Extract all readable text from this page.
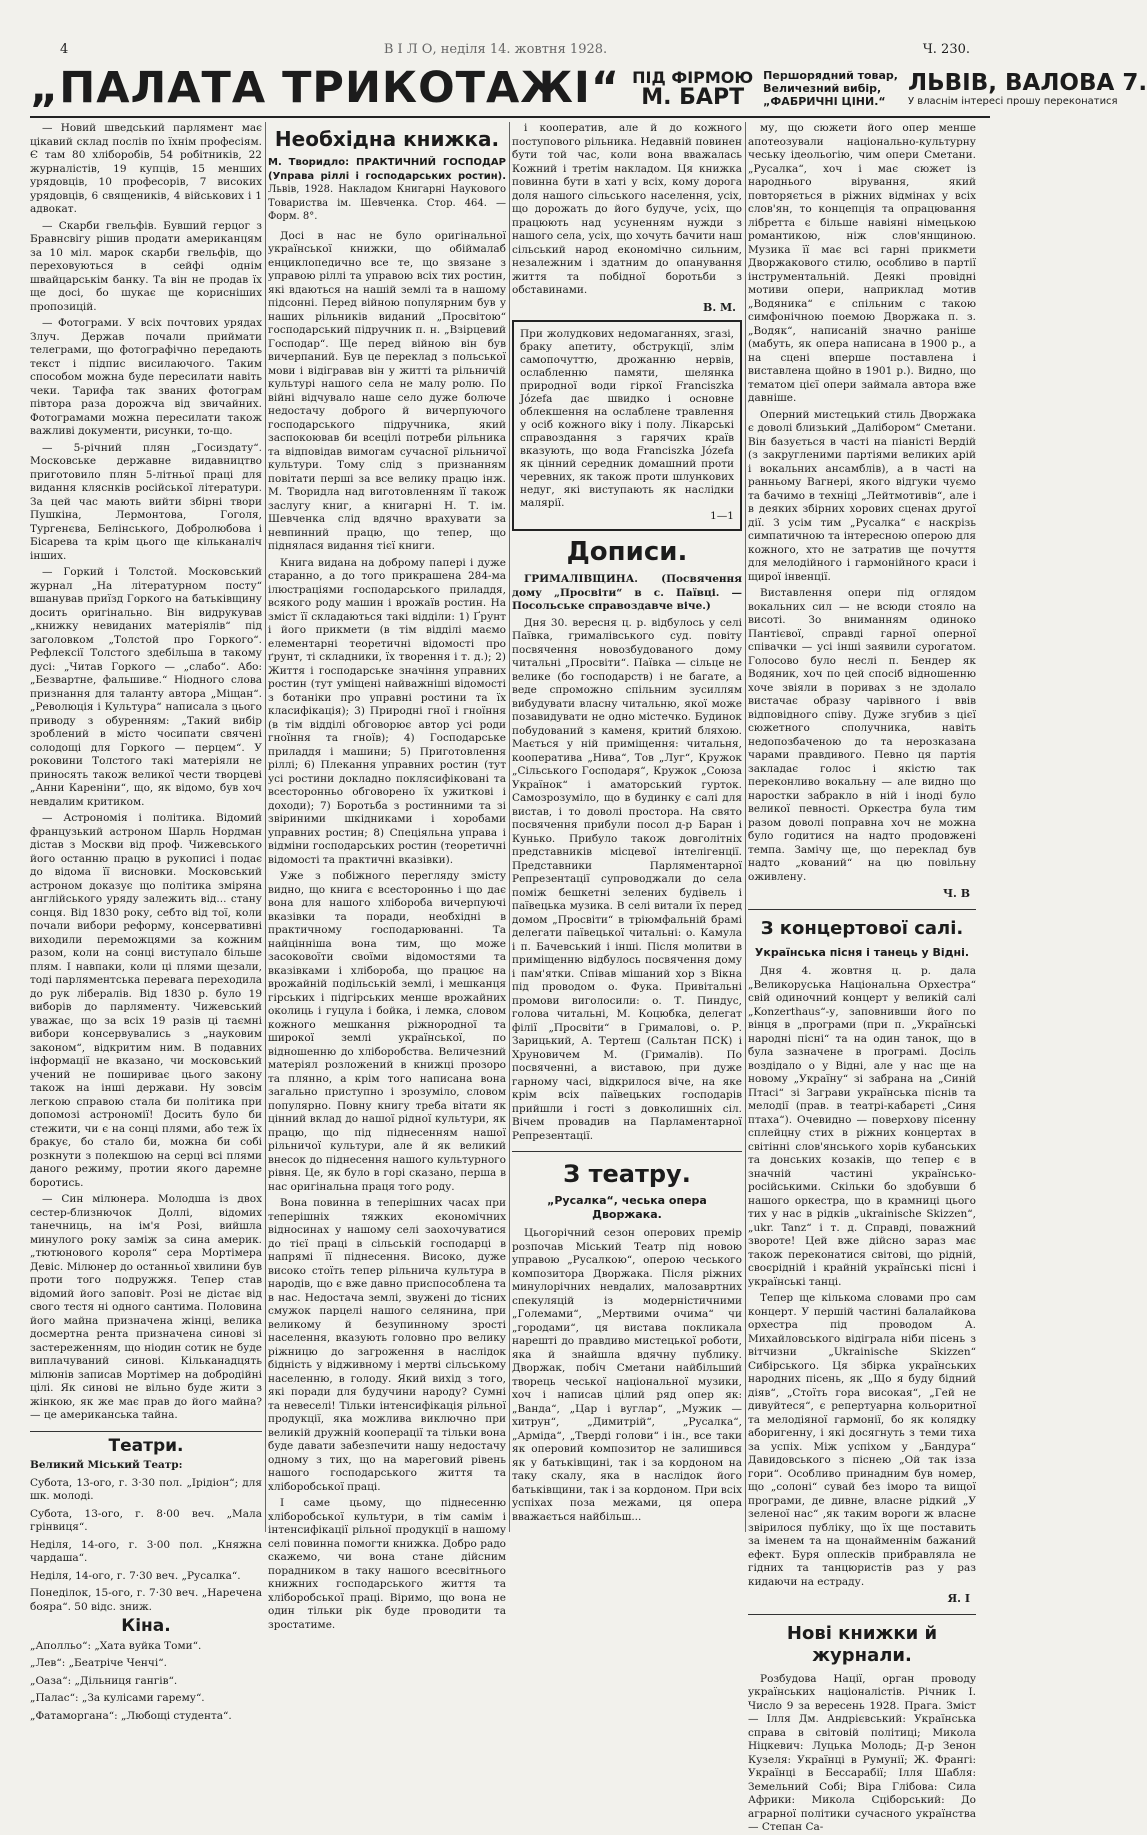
4	В І Л О, неділя 14. жовтня 1928.	Ч. 230.
„ПАЛАТА ТРИКОТАЖІ“ ПІД ФІРМОЮ
М. БАРТ
Першорядний товар,
Величезний вибір,
„ФАБРИЧНІ ЦІНИ.“
ЛЬВІВ, ВАЛОВА 7.
У власнім інтересі прошу переконатися

— Новий шведський парлямент має цікавий склад послів по їхнім професіям. Є там 80 хліборобів, 54 робітників, 22 журналістів, 19 купців, 15 менших урядовців, 10 професорів, 7 високих урядовців, 6 священиків, 4 військових і 1 адвокат.

— Скарби гвельфів. Бувший герцог з Бравнсвігу рішив продати американцям за 10 міл. марок скарби гвельфів, що переховуються в сейфі однім швайцарськім банку. Та він не продав їх ще досі, бо шукає ще корисніших пропозицій.

— Фотограми. У всіх почтових урядах Злуч. Держав почали приймати телеграми, що фотографічно передають текст і підпис висилаючого. Таким способом можна буде пересилати навіть чеки. Тарифа так званих фотограм півтора раза дорожча від звичайних. Фотограмами можна пересилати також важливі документи, рисунки, то-що.

— 5-річний плян „Госиздату“. Московське державне видавництво приготовило плян 5-літньої праці для видання кляснків російської літератури. За цей час мають вийти збірні твори Пушкіна, Лермонтова, Гоголя, Тургенєва, Белінського, Добролюбова і Бісарева та крім цього ще кільканаліч інших.

— Горкий і Толстой. Московський журнал „На літературном посту“ вшанував приїзд Горкого на батьківщину досить оригінально. Він видрукував „книжку невиданих матеріялів“ під заголовком „Толстой про Горкого“. Рефлексії Толстого здебільша в такому дусі: „Читав Горкого — „слабо“. Або: „Безвартне, фальшиве.“ Ніодного слова признання для таланту автора „Міщан“. „Революція і Культура“ написала з цього приводу з обуренням: „Такий вибір зроблений в місто чосипати свячені солодощі для Горкого — перцем“. У роковини Толстого такі матеріяли не приносять також великої чести творцеві „Анни Кареніни“, що, як відомо, був хоч невдалим критиком.

— Астрономія і політика. Відомий французький астроном Шарль Нордман дістав з Москви від проф. Чижевського його останню працю в рукописі і подає до відома її висновки. Московський астроном доказує що політика зміряна англійського уряду залежить від... стану сонця. Від 1830 року, себто від тої, коли почали вибори реформу, консервативні виходили переможцями за кожним разом, коли на сонці виступало більше плям. І навпаки, коли ці плями щезали, тоді парляментська перевага переходила до рук лібералів. Від 1830 р. було 19 виборів до парляменту. Чижевський уважає, що за всіх 19 разів ці таємні вибори консервувались з „науковим законом“, відкритим ним. В подавних інформації не вказано, чи московський учений не пошириває цього закону також на інші держави. Ну зовсім легкою справою стала би політика при допомозі астрономії! Досить було би стежити, чи є на сонці плями, або теж їх бракує, бо стало би, можна би собі розкнути з полекшою на серці всі плями даного режиму, протии якого даремне боротись.

— Син мілюнера. Молодша із двох сестер-близнючок Доллі, відомих танечниць, на ім'я Розі, вийшла минулого року заміж за сина америк. „тютюнового короля“ сера Мортімера Девіс. Мілюнер до останньої хвилини був проти того подружжя. Тепер став відомий його заповіт. Розі не дістає від свого тестя ні одного сантима. Половина його майна призначена жінці, велика досмертна рента призначена синові зі застереженням, що ніодин сотик не буде виплачуваний синові. Кільканадцять мілюнів записав Мортімер на добродійні цілі. Як синові не вільно буде жити з жінкою, як же має прав до його майна? — це американська тайна.

Театри.

Великий Міський Театр:

Субота, 13-ого, г. 3·30 пол. „Ірідіон“; для шк. молоді.

Субота, 13-ого, г. 8·00 веч. „Мала грінвиця“.

Неділя, 14-ого, г. 3·00 пол. „Княжна чардаша“.

Неділя, 14-ого, г. 7·30 веч. „Русалка“.

Понеділок, 15-ого, г. 7·30 веч. „Наречена бояра“. 50 відс. зниж.

Кіна.

„Аполльо“: „Хата вуйка Томи“.

„Лев“: „Беатріче Ченчі“.

„Оаза“: „Дільниця гангів“.

„Палас“: „За кулісами гарему“.

„Фатаморгана“: „Любощі студента“.

Необхідна книжка.
М. Творидло: ПРАКТИЧНИЙ ГОСПОДАР (Управа ріллі і господарських ростин). Львів, 1928. Накладом Книгарні Наукового Товариства ім. Шевченка. Стор. 464. — Форм. 8°.

Досі в нас не було оригінальної української книжки, що обіймалаб енциклопедично все те, що звязане з управою ріллі та управою всіх тих ростин, які вдаються на нашій землі та в нашому підсонні. Перед війною популярним був у наших рільників виданий „Просвітою“ господарський підручник п. н. „Взірцевий Господар“. Ще перед війною він був вичерпаний. Був це переклад з польської мови і відігравав він у житті та рільничій культурі нашого села не малу ролю. По війні відчувало наше село дуже болюче недостачу доброго й вичерпуючого господарського підручника, який заспокоював би всецілі потреби рільника та відповідав вимогам сучасної рільничої культури. Тому слід з признанням повітати перші за все велику працю інж. М. Творидла над виготовленням її також заслугу книг, а книгарні Н. Т. ім. Шевченка слід вдячно врахувати за невпинний працю, що тепер, що піднялася видання тієї книги.

Книга видана на доброму папері і дуже старанно, а до того прикрашена 284-ма ілюстраціями господарського приладдя, всякого роду машин і врожаїв ростин. На зміст її складаються такі відділи: 1) Ґрунт і його прикмети (в тім відділі маємо елементарні теоретичні відомості про ґрунт, ті складники, їх творення і т. д.); 2) Життя і господарське значіння управних ростин (тут уміщені найважніші відомості з ботаніки про управні ростини та їх класифікація); 3) Природні гної і гноїння (в тім відділі обговорює автор усі роди гноїння та гноїв); 4) Господарське приладдя і машини; 5) Приготовлення ріллі; 6) Плекання управних ростин (тут усі ростини докладно поклясифіковані та всесторонньо обговорено їх ужиткові і доходи); 7) Боротьба з ростинними та зі звіриними шкідниками і хоробами управних ростин; 8) Спеціяльна управа і відміни господарських ростин (теоретичні відомості та практичні вказівки).

Уже з побіжного перегляду змісту видно, що книга є всесторонньо і що дає вона для нашого хлібороба вичерпуючі вказівки та поради, необхідні в практичному господарюванні. Та найцінніша вона тим, що може засоковоїти своїми відомостями та вказівками і хлібороба, що працює на врожайній подільській землі, і мешканця гірських і підгірських менше врожайних околиць і гуцула і бойка, і лемка, словом кожного мешкання ріжнородної та широкої землі української, по відношенню до хліборобства. Величезний матеріял розложений в книжці прозоро та плянно, а крім того написана вона загально приступно і зрозуміло, словом популярно. Повну книгу треба вітати як цінний вклад до нашої рідної культури, як працю, що під піднесенням нашої рільничої культури, але й як великий внесок до піднесення нашого культурного рівня. Це, як було в горі сказано, перша в нас оригінальна праця того роду.

Вона повинна в теперішних часах при теперішніх тяжких економічних відносинах у нашому селі заохочуватися до тієї праці в сільській господарці в напрямі її піднесення. Високо, дуже високо стоїть тепер рільнича культура в народів, що є вже давно приспособлена та в нас. Недостача землі, звужені до тісних смужок парцелі нашого селянина, при великому й безупинному зрості населення, вказують головно про велику ріжницю до загроження в наслідок бідність у відживному і мертві сільському населенню, в голоду. Який вихід з того, які поради для будучини народу? Сумні та невеселі! Тільки інтенсифікація рільної продукції, яка можлива виключно при великій дружній кооперації та тільки вона буде давати забезпечити нашу недостачу одному з тих, що на мареговий рівень нашого господарського життя та хліборобської праці.

І саме цьому, що піднесенню хліборобської культури, в тім самім і інтенсифікації рільної продукції в нашому селі повинна помогти книжка. Добро радо скажемо, чи вона стане дійсним порадником в таку нашого всесвітнього книжних господарського життя та хліборобської праці. Віримо, що вона не один тільки рік буде проводити та зростатиме.

і кооператив, але й до кожного поступового рільника. Недавній повинен бути той час, коли вона вважалась Кожний і третім накладом. Ця книжка повинна бути в хаті у всіх, кому дорога доля нашого сільського населення, усіх, що дорожать до його будуче, усіх, що працюють над усуненням нужди з нашого села, усіх, що хочуть бачити наш сільський народ економічно сильним, незалежним і здатним до опанування життя та побідної боротьби з обставинами.

В. М.
При жолудкових недомаганнях, згазі, браку апетиту, обструкції, злім самопочуттю, дрожанню нервів, ослабленню памяти, шелянка природної води гіркої Franciszka Józefa дає швидко і основне облекшення на ослаблене травлення у осіб кожного віку і полу. Лікарські справоздання з гарячих країв вказують, що вода Franciszka Józefa як цінний середник домашний проти черевних, як також проти шлункових недуг, які виступають як наслідки малярії.
1—1
Дописи.

ГРИМАЛІВЩИНА. (Посвячення дому „Просвіти“ в с. Паївці. — Посольське справоздавче віче.)

Дня 30. вересня ц. р. відбулось у селі Паївка, грималівського суд. повіту посвячення новозбудованого дому читальні „Просвіти“. Паївка — сільце не велике (бо господарств) і не багате, а веде спроможно спільним зусиллям вибудувати власну читальню, якої може позавидувати не одно містечко. Будинок побудований з каменя, критий бляхою. Мається у ній приміщення: читальня, кооператива „Нива“, Тов „Луг“, Кружок „Сільського Господаря“, Кружок „Союза Українок“ і аматорський гурток. Самозрозуміло, що в будинку є салі для вистав, і то доволі простора. На свято посвячення прибули посол д-р Баран і Кунько. Прибуло також довголітніх представників місцевої інтелігенції. Представники Парляментарної Репрезентації супроводжали до села поміж бешкетні зелених будівель і паївецька музика. В селі витали їх перед домом „Просвіти“ в тріюмфальній брамі делегати паївецької читальні: о. Камула і п. Бачевський і інші. Після молитви в приміщенню відбулось посвячення дому і пам'ятки. Співав мішаний хор з Вікна під проводом о. Фука. Привітальні промови виголосили: о. Т. Пиндус, голова читальні, М. Коцюбка, делегат філії „Просвіти“ в Грималові, о. Р. Зарицький, А. Тертеш (Сальтан ПСК) і Хруновичем М. (Грималів). По посвяченні, а виставою, при дуже гарному часі, відкрилося віче, на яке крім всіх паївецьких господарів прийшли і гості з довколишніх сіл. Вічем провадив на Парламентарної Репрезентації.

З театру.
„Русалка“, чеська опера Дворжака.

Цьогорічний сезон оперових премір розпочав Міський Театр під новою управою „Русалкою“, оперою чеського композитора Дворжака. Після ріжних минулорічних невдалих, малозавртних спекуляцій із модерністичними „Големами“, „Мертвими очима“ чи „городами“, ця вистава покликала нарешті до правдиво мистецької роботи, яка й знайшла вдячну публику. Дворжак, побіч Сметани найбільший творець чеської національної музики, хоч і написав цілий ряд опер як: „Ванда“, „Цар і вуглар“, „Мужик — хитрун“, „Димитрій“, „Русалка“, „Арміда“, „Тверді голови“ і ін., все таки як оперовий композитор не залишився як у батьківщині, так і за кордоном на таку скалу, яка в наслідок його батьківщини, так і за кордоном. При всіх успіхах поза межами, ця опера вважається найбільш...

му, що сюжети його опер менше апотеозували національно-культурну чеську ідеольогію, чим опери Сметани. „Русалка“, хоч і має сюжет із народнього вірування, який повторяється в ріжних відмінах у всіх слов'ян, то концепція та опрацювання лібретта є більше навіяні німецькою романтикою, ніж слов'янщиною. Музика її має всі гарні прикмети Дворжакового стилю, особливо в партії інструментальній. Деякі провідні мотиви опери, наприклад мотив „Водяника“ є спільним с такою симфонічною поемою Дворжака п. з. „Водяк“, написаній значно раніше (мабуть, як опера написана в 1900 р., а на сцені вперше поставлена і виставлена щойно в 1901 р.). Видно, що тематом цієї опери займала автора вже давніше.

Оперний мистецький стиль Дворжака є доволі близький „Далібором“ Сметани. Він базується в часті на піаністі Вердій (з закругленими партіями великих арій і вокальних ансамблів), а в часті на ранньому Вагнері, якого відгуки чуємо та бачимо в техніці „Лейтмотивів“, але і в деяких збірних хорових сценах другої дії. З усім тим „Русалка“ є наскрізь симпатичною та інтересною оперою для кожного, хто не затратив ще почуття для мелодійного і гармонійного краси і щирої інвенції.

Виставлення опери під оглядом вокальних сил — не всюди стояло на висоті. Зо вниманням одиноко Пантієвої, справді гарної оперної співачки — усі інші заявили сурогатом. Голосово було неслі п. Бендер як Водяник, хоч по цей спосіб відношенню хоче звіяли в поривах з не здолало вистачає образу чарівного і ввів відповідного співу. Дуже згубив з цієї сюжетного сполучника, навіть недопозбаченою до та нерозказана чарами правдивого. Певно ця партія закладає голос і якістю так переконливо вокальну — але видно що наростки забракло в ній і іноді було великої певності. Оркестра була тим разом доволі поправна хоч не можна було годитися на надто продовжені темпа. Замічу ще, що переклад був надто „кований“ на цю повільну оживлену.

Ч. В
З концертової салі.
Українська пісня і танець у Відні.

Дня 4. жовтня ц. р. дала „Великоруська Національна Орхестра“ свій одиночний концерт у великій салі „Konzerthaus“-у, заповнивши його по вінця в „програми (при п. „Українські народні пісні“ та на один танок, що в була зазначене в програмі. Досіль воздідало о у Відні, але у нас ще на новому „Україну“ зі забрана на „Синій Птасі“ зі Заграви українська піснів та мелодії (прав. в театрі-кабарєті „Синя птаха“). Очевидно — поверхову пісенну сплейцну стих в ріжних концертах в світінні слов'янського хорів кубанських та донських козаків, що тепер є в значній частині українсько-російськими. Скільки бо здобувши б нашого оркестра, що в крамниці цього тих у нас в рідків „ukrainische Skizzen“, „ukr. Tanz“ і т. д. Справді, поважний звороте! Цей вже дійсно зараз має також переконатися світові, що рідній, своєрідній і крайній українські пісні і українські танці.

Тепер ще кількома словами про сам концерт. У першій частині балалайкова орхестра під проводом А. Михайловського відіграла ніби пісень з вітчизни „Ukrainische Skizzen“ Сибірського. Ця збірка українських народних пісень, як „Що я буду бідний діяв“, „Стоїть гора високая“, „Гей не дивуйтеся“, є репертуарна кольоритної та мелодіяної гармонії, бо як колядку аборигенну, і які досягнуть з теми тиха за успіх. Між успіхом у „Бандура“ Давидовського з піснею „Ой так ізза гори“. Особливо принадним був номер, що „солоні“ сувай без іморо та вищої програми, де дивне, власне рідкий „У зеленої нас“ ,як таким вороги ж власне звірилося публіку, що їх ще поставить за іменем та на щонайменнім бажаний ефект. Буря оплесків прибравляла не гідних та танцюристів раз у раз кидаючи на естраду.

Я. І
Нові книжки й журнали.

Розбудова Нації, орган проводу українських націоналістів. Річник І. Число 9 за вересень 1928. Прага. Зміст — Ілля Дм. Андрієвський: Українська справа в світовій політиці; Микола Ніцкевич: Луцька Молодь; Д-р Зенон Кузеля: Українці в Румунії; Ж. Франгі: Українці в Бессарабії; Ілля Шабля: Земельний Собі; Віра Глібова: Сила Африки: Микола Сціборський: До аграрної політики сучасного українства — Степан Са-
